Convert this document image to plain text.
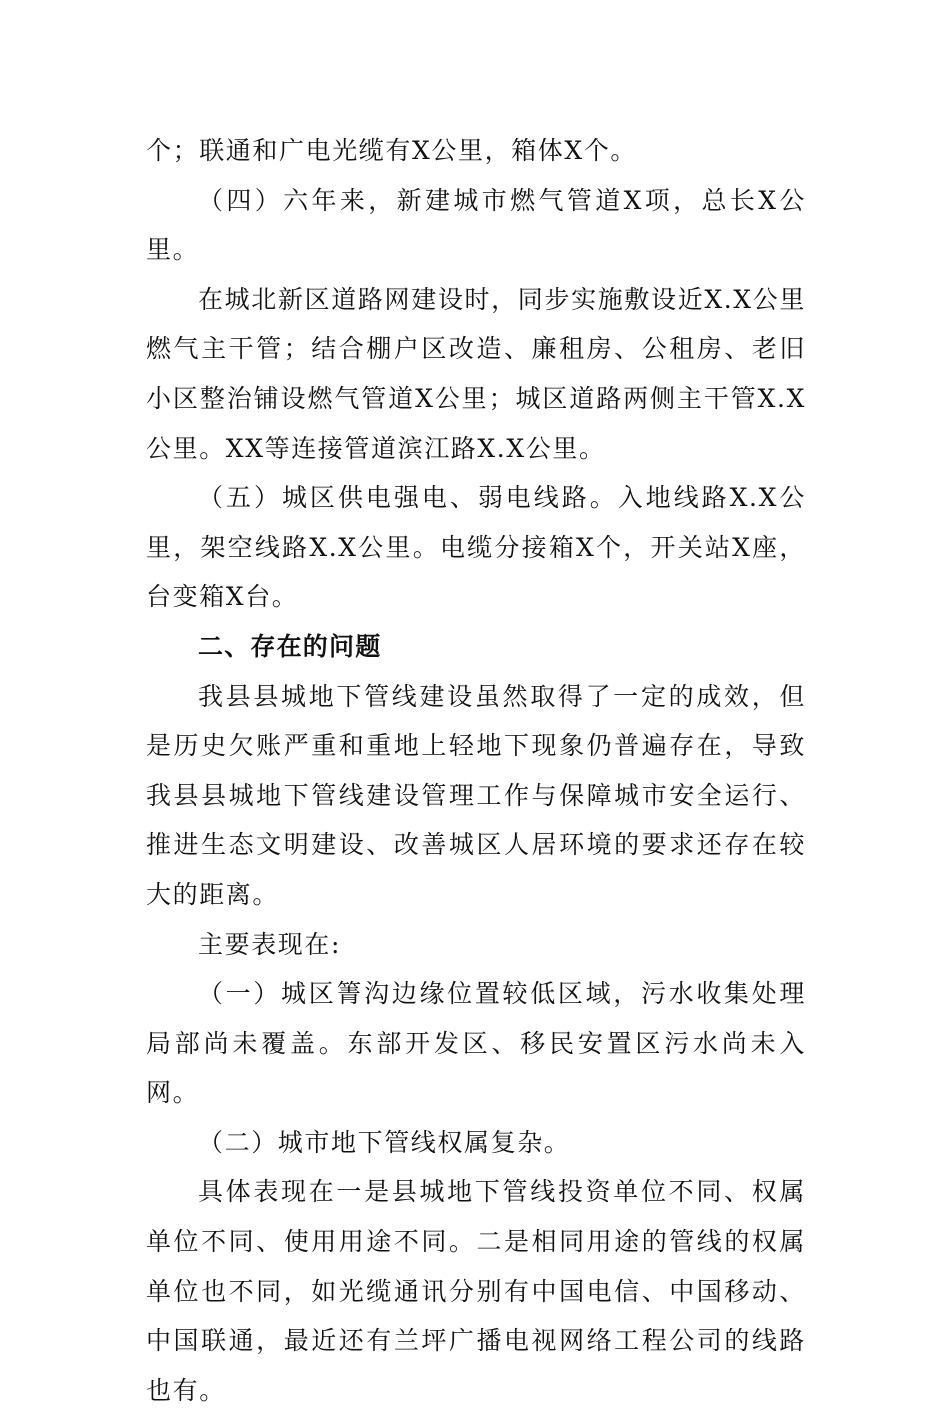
个；联通和广电光缆有X公里，箱体X个。

（四）六年来，新建城市燃气管道X项，总长X公里。

在城北新区道路网建设时，同步实施敷设近X.X公里燃气主干管；结合棚户区改造、廉租房、公租房、老旧小区整治铺设燃气管道X公里；城区道路两侧主干管X.X公里。XX等连接管道滨江路X.X公里。

（五）城区供电强电、弱电线路。入地线路X.X公里，架空线路X.X公里。电缆分接箱X个，开关站X座，台变箱X台。

二、存在的问题

我县县城地下管线建设虽然取得了一定的成效，但是历史欠账严重和重地上轻地下现象仍普遍存在，导致我县县城地下管线建设管理工作与保障城市安全运行、推进生态文明建设、改善城区人居环境的要求还存在较大的距离。

主要表现在:

（一）城区箐沟边缘位置较低区域，污水收集处理局部尚未覆盖。东部开发区、移民安置区污水尚未入网。

（二）城市地下管线权属复杂。

具体表现在一是县城地下管线投资单位不同、权属单位不同、使用用途不同。二是相同用途的管线的权属单位也不同，如光缆通讯分别有中国电信、中国移动、中国联通，最近还有兰坪广播电视网络工程公司的线路也有。
